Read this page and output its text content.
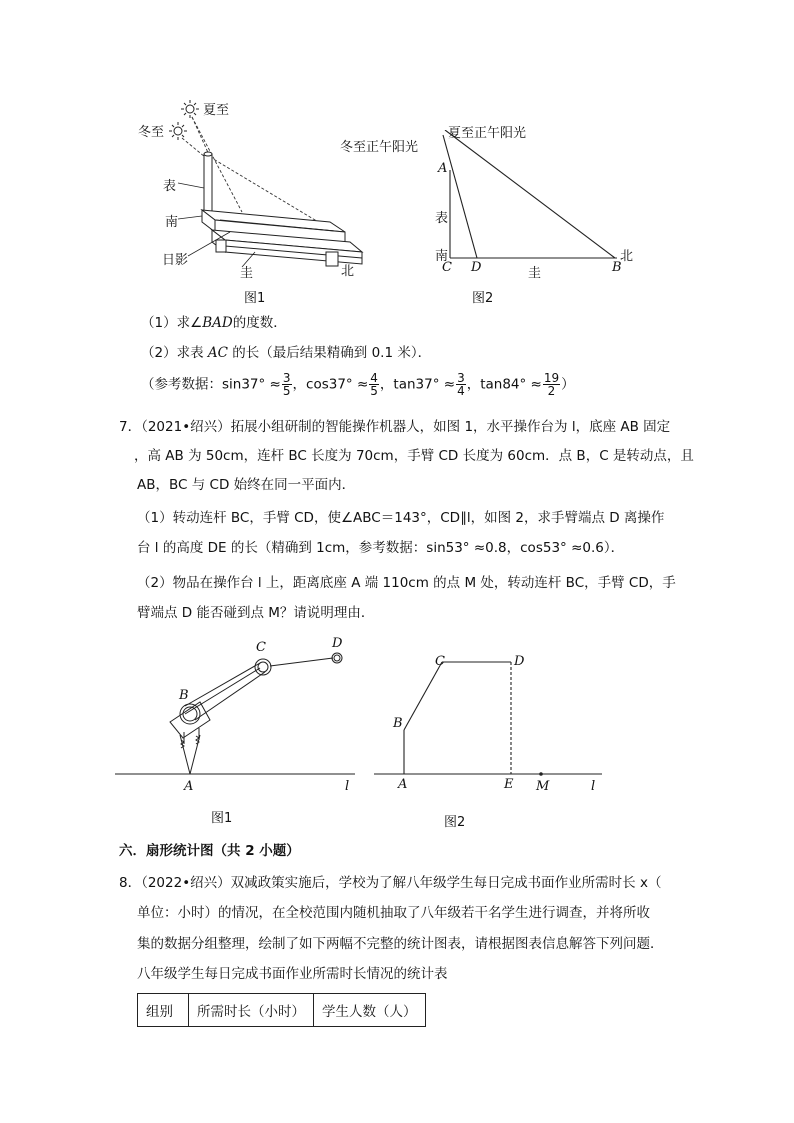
夏至
冬至
表
南
日影
圭	北
图1
冬至正午阳光
夏至正午阳光
A
表
南
C D	圭	B
北
图2
（1）求∠BAD的度数．
（2）求表 AC 的长（最后结果精确到 0.1 米）．
（参考数据：$\sin 37^\circ \approx \frac{3}{5}$ ，$\cos 37^\circ \approx \frac{4}{5}$ ，$\tan 37^\circ \approx \frac{3}{4}$ ，$\tan 84^\circ \approx \frac{19}{2}$ ）
7．（2021•绍兴）拓展小组研制的智能操作机器人，如图 1，水平操作台为 l，底座 AB 固定
，高 AB 为 50cm，连杆 BC 长度为 70cm，手臂 CD 长度为 60cm．点 B，C 是转动点，且
AB，BC 与 CD 始终在同一平面内．
（1）转动连杆 BC，手臂 CD，使∠ABC＝143°，CD∥l，如图 2，求手臂端点 D 离操作
台 l 的高度 DE 的长（精确到 1cm，参考数据：sin53° ≈0.8，cos53° ≈0.6）．
（2）物品在操作台 l 上，距离底座 A 端 110cm 的点 M 处，转动连杆 BC，手臂 CD，手
臂端点 D 能否碰到点 M？请说明理由．
C	D
B
A	l
图1
C	D
B
A	E M	l
图2
六．扇形统计图（共 2 小题）
8．（2022•绍兴）双减政策实施后，学校为了解八年级学生每日完成书面作业所需时长 x（
单位：小时）的情况，在全校范围内随机抽取了八年级若干名学生进行调查，并将所收
集的数据分组整理，绘制了如下两幅不完整的统计图表，请根据图表信息解答下列问题．
八年级学生每日完成书面作业所需时长情况的统计表
组别	所需时长（小时）	学生人数（人）
